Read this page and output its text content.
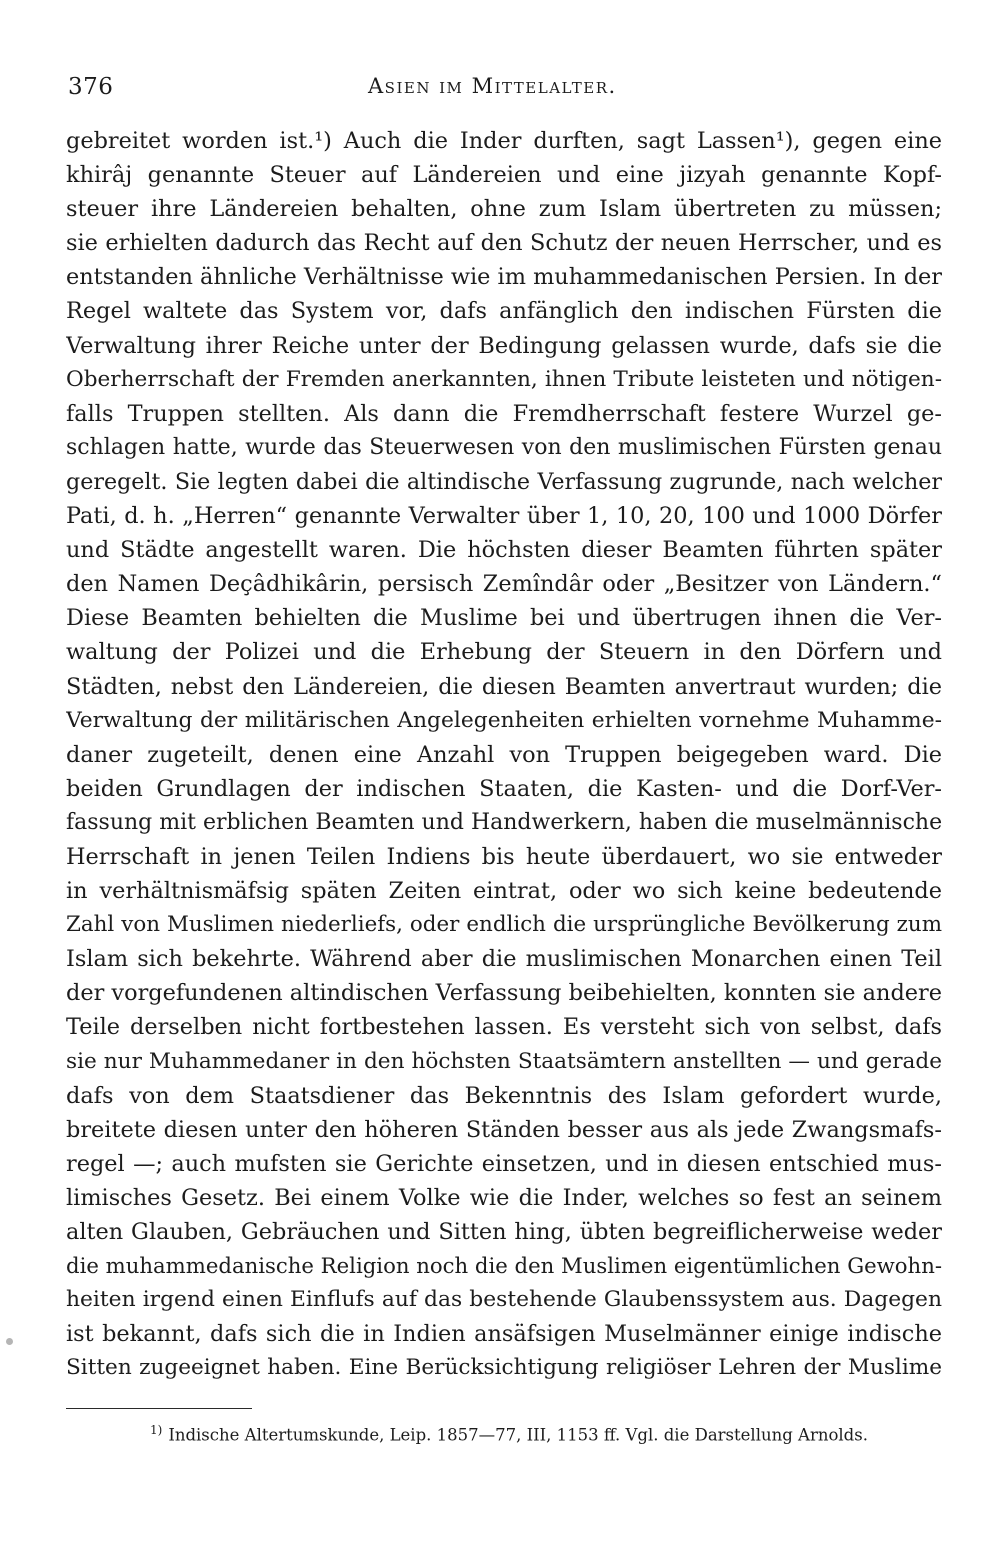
376	Asien im Mittelalter.
gebreitet worden ist.¹) Auch die Inder durften, sagt Lassen¹), gegen eine
khirâj genannte Steuer auf Ländereien und eine jizyah genannte Kopf-
steuer ihre Ländereien behalten, ohne zum Islam übertreten zu müssen;
sie erhielten dadurch das Recht auf den Schutz der neuen Herrscher, und es
entstanden ähnliche Verhältnisse wie im muhammedanischen Persien. In der
Regel waltete das System vor, dafs anfänglich den indischen Fürsten die
Verwaltung ihrer Reiche unter der Bedingung gelassen wurde, dafs sie die
Oberherrschaft der Fremden anerkannten, ihnen Tribute leisteten und nötigen-
falls Truppen stellten. Als dann die Fremdherrschaft festere Wurzel ge-
schlagen hatte, wurde das Steuerwesen von den muslimischen Fürsten genau
geregelt. Sie legten dabei die altindische Verfassung zugrunde, nach welcher
Pati, d. h. „Herren“ genannte Verwalter über 1, 10, 20, 100 und 1000 Dörfer
und Städte angestellt waren. Die höchsten dieser Beamten führten später
den Namen Deçâdhikârin, persisch Zemîndâr oder „Besitzer von Ländern.“
Diese Beamten behielten die Muslime bei und übertrugen ihnen die Ver-
waltung der Polizei und die Erhebung der Steuern in den Dörfern und
Städten, nebst den Ländereien, die diesen Beamten anvertraut wurden; die
Verwaltung der militärischen Angelegenheiten erhielten vornehme Muhamme-
daner zugeteilt, denen eine Anzahl von Truppen beigegeben ward. Die
beiden Grundlagen der indischen Staaten, die Kasten- und die Dorf-Ver-
fassung mit erblichen Beamten und Handwerkern, haben die muselmännische
Herrschaft in jenen Teilen Indiens bis heute überdauert, wo sie entweder
in verhältnismäfsig späten Zeiten eintrat, oder wo sich keine bedeutende
Zahl von Muslimen niederliefs, oder endlich die ursprüngliche Bevölkerung zum
Islam sich bekehrte. Während aber die muslimischen Monarchen einen Teil
der vorgefundenen altindischen Verfassung beibehielten, konnten sie andere
Teile derselben nicht fortbestehen lassen. Es versteht sich von selbst, dafs
sie nur Muhammedaner in den höchsten Staatsämtern anstellten — und gerade
dafs von dem Staatsdiener das Bekenntnis des Islam gefordert wurde,
breitete diesen unter den höheren Ständen besser aus als jede Zwangsmafs-
regel —; auch mufsten sie Gerichte einsetzen, und in diesen entschied mus-
limisches Gesetz. Bei einem Volke wie die Inder, welches so fest an seinem
alten Glauben, Gebräuchen und Sitten hing, übten begreiflicherweise weder
die muhammedanische Religion noch die den Muslimen eigentümlichen Gewohn-
heiten irgend einen Einflufs auf das bestehende Glaubenssystem aus. Dagegen
ist bekannt, dafs sich die in Indien ansäfsigen Muselmänner einige indische
Sitten zugeeignet haben. Eine Berücksichtigung religiöser Lehren der Muslime
$^{1)}$ Indische Altertumskunde, Leip. 1857—77, III, 1153 ff. Vgl. die Darstellung Arnolds.
